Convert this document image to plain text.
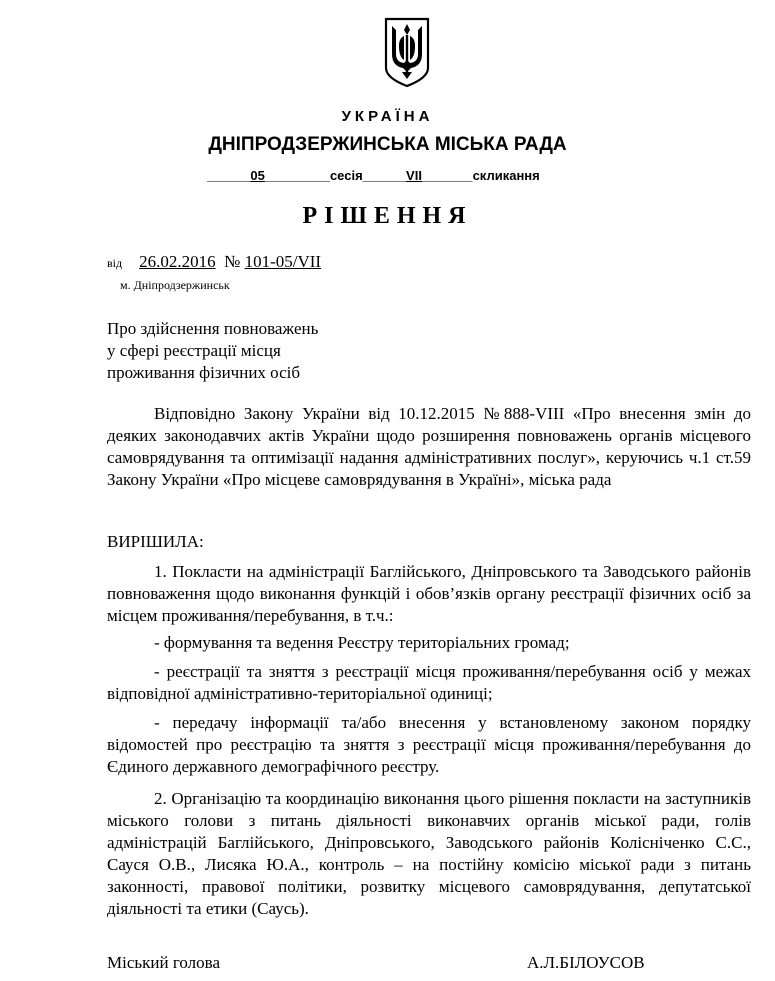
УКРАЇНА
ДНІПРОДЗЕРЖИНСЬКА МІСЬКА РАДА
______05_________сесія______VII_______скликання
РІШЕННЯ
від 26.02.2016 № 101-05/VII
м. Дніпродзержинськ
Про здійснення повноважень
у сфері реєстрації місця
проживання фізичних осіб
Відповідно Закону України від 10.12.2015 №888-VIII «Про внесення змін до деяких законодавчих актів України щодо розширення повноважень органів місцевого самоврядування та оптимізації надання адміністративних послуг», керуючись ч.1 ст.59 Закону України «Про місцеве самоврядування в Україні», міська рада
ВИРІШИЛА:
1. Покласти на адміністрації Баглійського, Дніпровського та Заводського районів повноваження щодо виконання функцій і обов’язків органу реєстрації фізичних осіб за місцем проживання/перебування, в т.ч.:
- формування та ведення Реєстру територіальних громад;
- реєстрації та зняття з реєстрації місця проживання/перебування осіб у межах відповідної адміністративно-територіальної одиниці;
- передачу інформації та/або внесення у встановленому законом порядку відомостей про реєстрацію та зняття з реєстрації місця проживання/перебування до Єдиного державного демографічного реєстру.
2. Організацію та координацію виконання цього рішення покласти на заступників міського голови з питань діяльності виконавчих органів міської ради, голів адміністрацій Баглійського, Дніпровського, Заводського районів Колісніченко С.С., Сауся О.В., Лисяка Ю.А., контроль – на постійну комісію міської ради з питань законності, правової політики, розвитку місцевого самоврядування, депутатської діяльності та етики (Саусь).
Міський голова	А.Л.БІЛОУСОВ
